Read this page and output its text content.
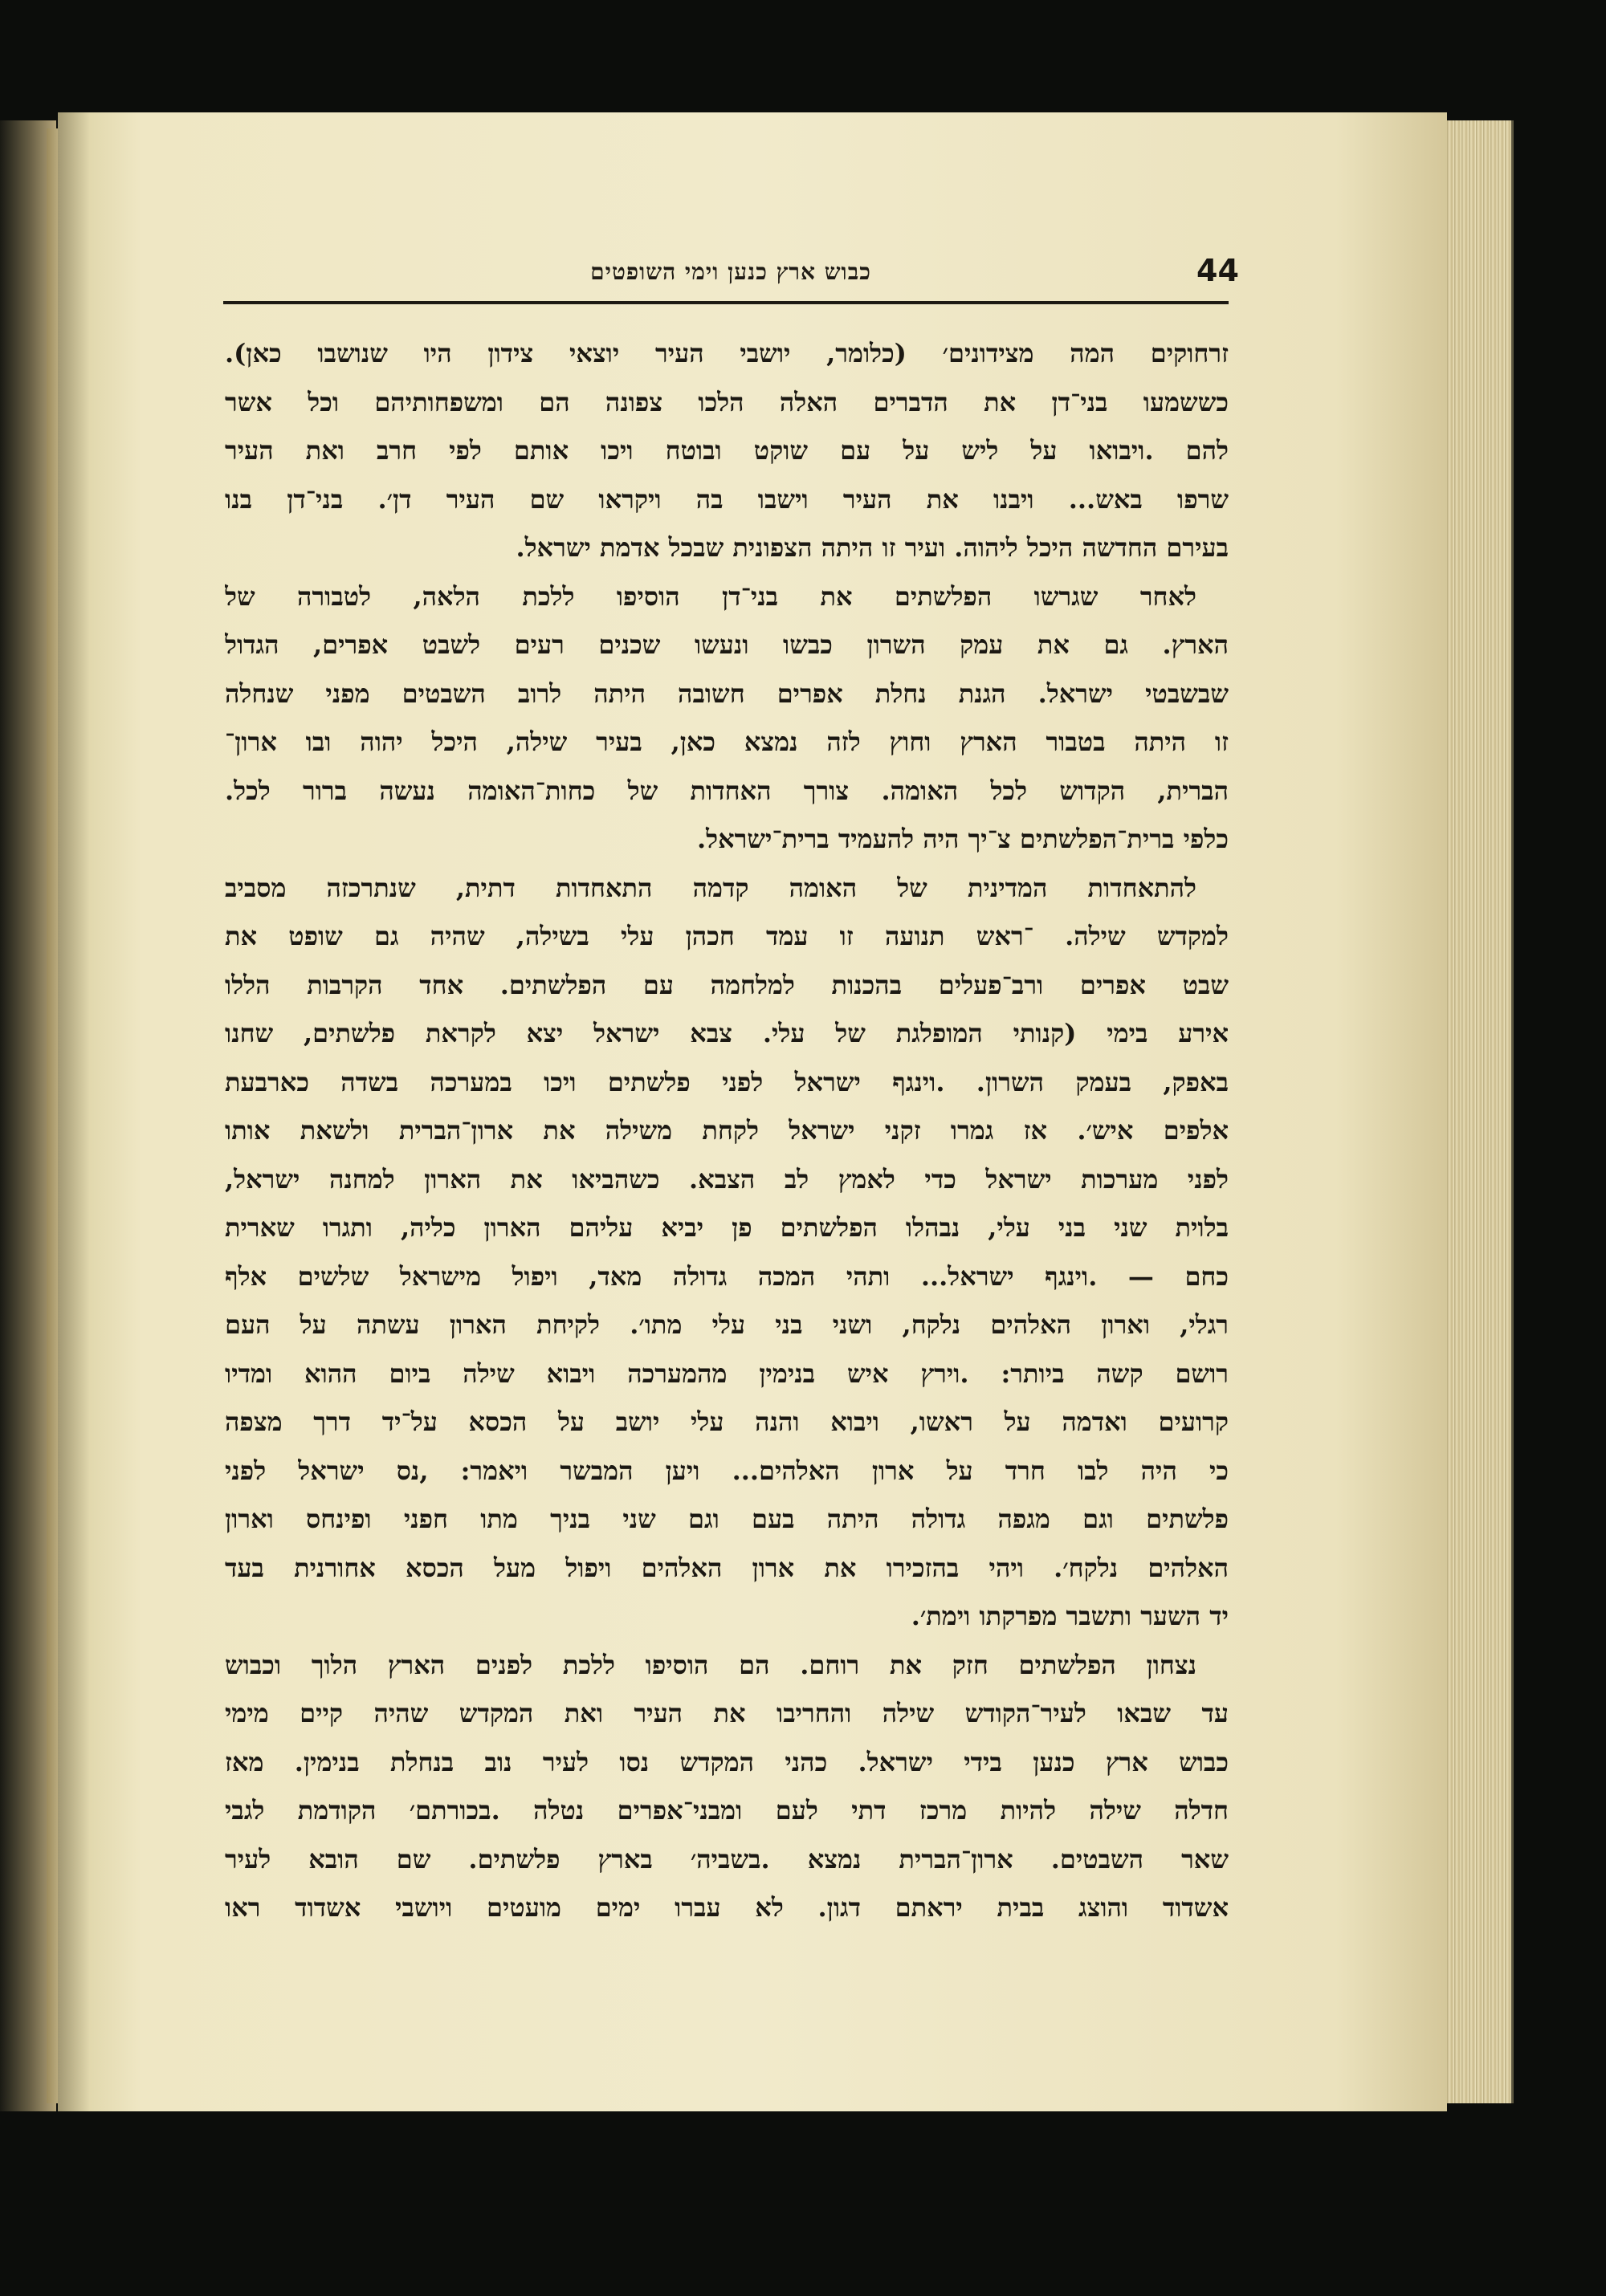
44
כבוש ארץ כנען וימי השופטים
זרחוקים המה מצידונים׳ (כלומר, יושבי העיר יוצאי צידון היו שנושבו כאן).
כששמעו בני־דן את הדברים האלה הלכו צפונה הם ומשפחותיהם וכל אשר
להם .ויבואו על ליש על עם שוקט ובוטח ויכו אותם לפי חרב ואת העיר
שרפו באש... ויבנו את העיר וישבו בה ויקראו שם העיר דן׳. בני־דן בנו
בעירם החדשה היכל ליהוה. ועיר זו היתה הצפונית שבכל אדמת ישראל.
לאחר שגרשו הפלשתים את בני־דן הוסיפו ללכת הלאה, לטבורה של
הארץ. גם את עמק השרון כבשו ונעשו שכנים רעים לשבט אפרים, הגדול
שבשבטי ישראל. הגנת נחלת אפרים חשובה היתה לרוב השבטים מפני שנחלה
זו היתה בטבור הארץ וחוץ לזה נמצא כאן, בעיר שילה, היכל יהוה ובו ארון־
הברית, הקדוש לכל האומה. צורך האחדות של כחות־האומה נעשה ברור לכל.
כלפי ברית־הפלשתים צ־יך היה להעמיד ברית־ישראל.
להתאחדות המדינית של האומה קדמה התאחדות דתית, שנתרכזה מסביב
למקדש שילה. ־ראש תנועה זו עמד חכהן עלי בשילה, שהיה גם שופט את
שבט אפרים ורב־פעלים בהכנות למלחמה עם הפלשתים. אחד הקרבות הללו
אירע בימי (קנותי המופלגת של עלי. צבא ישראל יצא לקראת פלשתים, שחנו
באפק, בעמק השרון. .וינגף ישראל לפני פלשתים ויכו במערכה בשדה כארבעת
אלפים איש׳. אז גמרו זקני ישראל לקחת משילה את ארון־הברית ולשאת אותו
לפני מערכות ישראל כדי לאמץ לב הצבא. כשהביאו את הארון למחנה ישראל,
בלוית שני בני עלי, נבהלו הפלשתים פן יביא עליהם הארון כליה, ותגרו שארית
כחם — .וינגף ישראל... ותהי המכה גדולה מאד, ויפול מישראל שלשים אלף
רגלי, וארון האלהים נלקח, ושני בני עלי מתו׳. לקיחת הארון עשתה על העם
רושם קשה ביותר: .וירץ איש בנימין מהמערכה ויבוא שילה ביום ההוא ומדיו
קרועים ואדמה על ראשו, ויבוא והנה עלי יושב על הכסא על־יד דרך מצפה
כי היה לבו חרד על ארון האלהים... ויען המבשר ויאמר: ,נס ישראל לפני
פלשתים וגם מגפה גדולה היתה בעם וגם שני בניך מתו חפני ופינחס וארון
האלהים נלקח׳. ויהי בהזכירו את ארון האלהים ויפול מעל הכסא אחורנית בעד
יד השער ותשבר מפרקתו וימת׳.
נצחון הפלשתים חזק את רוחם. הם הוסיפו ללכת לפנים הארץ הלוך וכבוש
עד שבאו לעיר־הקודש שילה והחריבו את העיר ואת המקדש שהיה קיים מימי
כבוש ארץ כנען בידי ישראל. כהני המקדש נסו לעיר נוב בנחלת בנימין. מאז
חדלה שילה להיות מרכז דתי לעם ומבני־אפרים נטלה .בכורתם׳ הקודמת לגבי
שאר השבטים. ארון־הברית נמצא .בשביה׳ בארץ פלשתים. שם הובא לעיר
אשדוד והוצג בבית יראתם דגון. לא עברו ימים מועטים ויושבי אשדוד ראו
